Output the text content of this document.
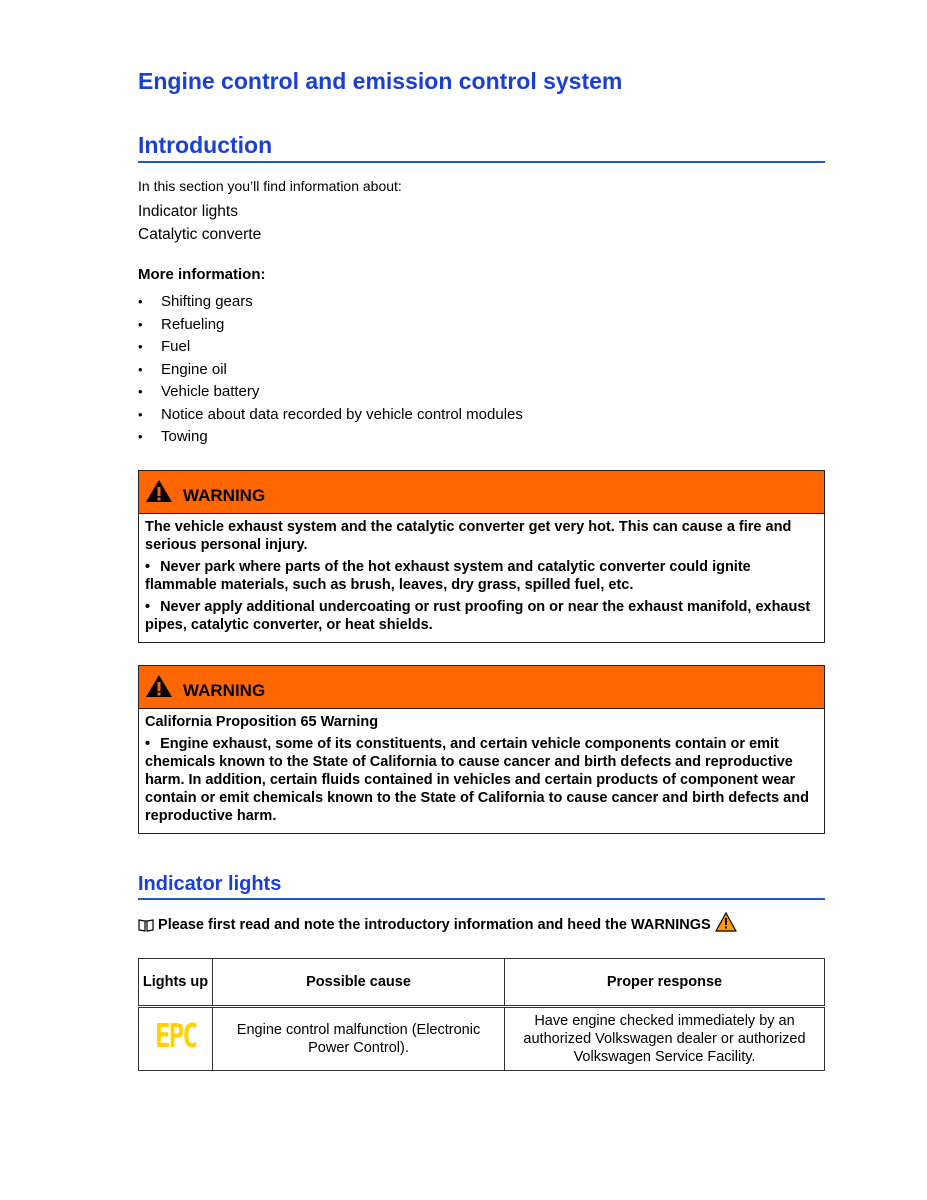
Engine control and emission control system
Introduction

In this section you’ll find information about:

Indicator lights

Catalytic converte

More information:

• Shifting gears
• Refueling
• Fuel
• Engine oil
• Vehicle battery
• Notice about data recorded by vehicle control modules
• Towing
WARNING

The vehicle exhaust system and the catalytic converter get very hot. This can cause a fire and serious personal injury.

• Never park where parts of the hot exhaust system and catalytic converter could ignite flammable materials, such as brush, leaves, dry grass, spilled fuel, etc.

• Never apply additional undercoating or rust proofing on or near the exhaust manifold, exhaust pipes, catalytic converter, or heat shields.

WARNING

California Proposition 65 Warning

• Engine exhaust, some of its constituents, and certain vehicle components contain or emit chemicals known to the State of California to cause cancer and birth defects and reproductive harm. In addition, certain fluids contained in vehicles and certain products of component wear contain or emit chemicals known to the State of California to cause cancer and birth defects and reproductive harm.

Indicator lights

Please first read and note the introductory information and heed the WARNINGS

Lights up	Possible cause	Proper response
EPC	Engine control malfunction (Electronic Power Control).	Have engine checked immediately by an authorized Volkswagen dealer or authorized Volkswagen Service Facility.
